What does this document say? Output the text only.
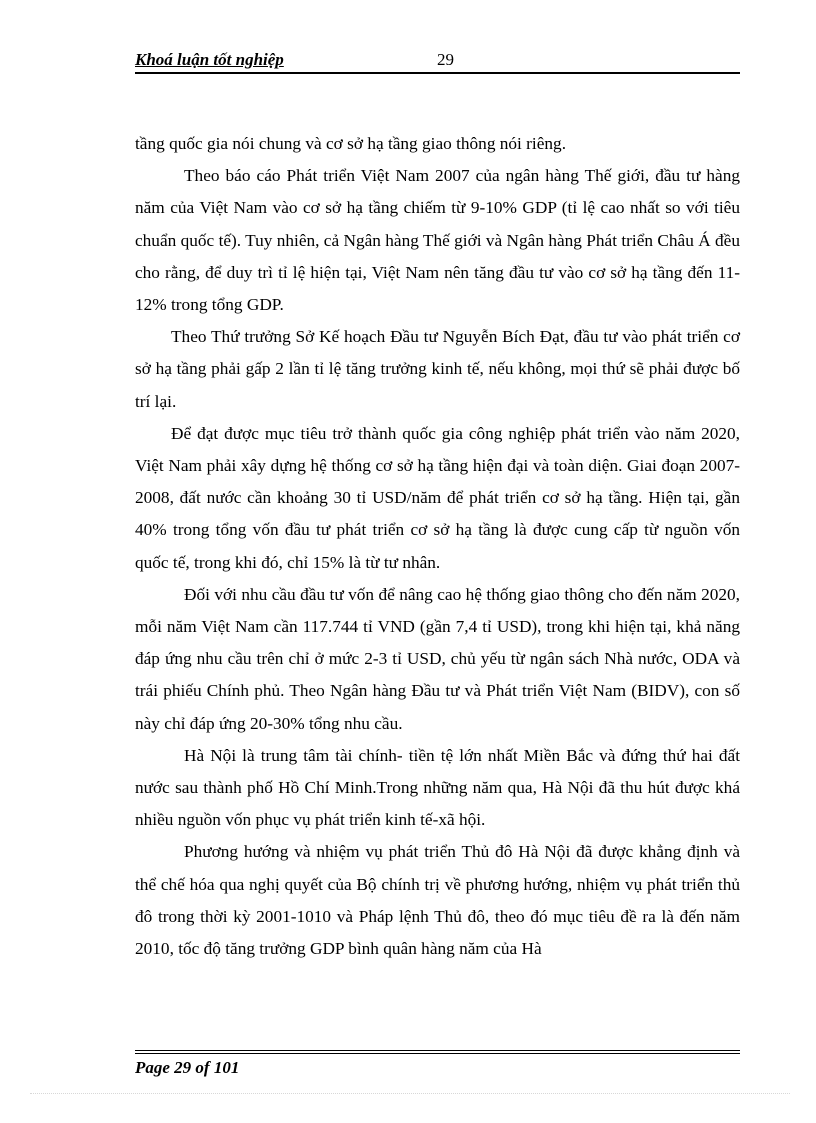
Khoá luận tốt nghiệp	29

tầng quốc gia nói chung và cơ sở hạ tầng giao thông nói riêng.

Theo báo cáo Phát triển Việt Nam 2007 của ngân hàng Thế giới, đầu tư hàng năm của Việt Nam vào cơ sở hạ tầng chiếm từ 9-10% GDP (tỉ lệ cao nhất so với tiêu chuẩn quốc tế). Tuy nhiên, cả Ngân hàng Thế giới và Ngân hàng Phát triển Châu Á đều cho rằng, để duy trì tỉ lệ hiện tại, Việt Nam nên tăng đầu tư vào cơ sở hạ tầng đến 11-12% trong tổng GDP.

Theo Thứ trưởng Sở Kế hoạch Đầu tư Nguyễn Bích Đạt, đầu tư vào phát triển cơ sở hạ tầng phải gấp 2 lần tỉ lệ tăng trưởng kinh tế, nếu không, mọi thứ sẽ phải được bố trí lại.

Để đạt được mục tiêu trở thành quốc gia công nghiệp phát triển vào năm 2020, Việt Nam phải xây dựng hệ thống cơ sở hạ tầng hiện đại và toàn diện. Giai đoạn 2007-2008, đất nước cần khoảng 30 tỉ USD/năm để phát triển cơ sở hạ tầng. Hiện tại, gần 40% trong tổng vốn đầu tư phát triển cơ sở hạ tầng là được cung cấp từ nguồn vốn quốc tế, trong khi đó, chỉ 15% là từ tư nhân.

Đối với nhu cầu đầu tư vốn để nâng cao hệ thống giao thông cho đến năm 2020, mỗi năm Việt Nam cần 117.744 tỉ VND (gần 7,4 tỉ USD), trong khi hiện tại, khả năng đáp ứng nhu cầu trên chỉ ở mức 2-3 tỉ USD, chủ yếu từ ngân sách Nhà nước, ODA và trái phiếu Chính phủ. Theo Ngân hàng Đầu tư và Phát triển Việt Nam (BIDV), con số này chỉ đáp ứng 20-30% tổng nhu cầu.

Hà Nội là trung tâm tài chính- tiền tệ lớn nhất Miền Bắc và đứng thứ hai đất nước sau thành phố Hồ Chí Minh.Trong những năm qua, Hà Nội đã thu hút được khá nhiều nguồn vốn phục vụ phát triển kinh tế-xã hội.

Phương hướng và nhiệm vụ phát triển Thủ đô Hà Nội đã được khẳng định và thể chế hóa qua nghị quyết của Bộ chính trị về phương hướng, nhiệm vụ phát triển thủ đô trong thời kỳ 2001-1010 và Pháp lệnh Thủ đô, theo đó mục tiêu đề ra là đến năm 2010, tốc độ tăng trưởng GDP bình quân hàng năm của Hà

Page 29 of 101
